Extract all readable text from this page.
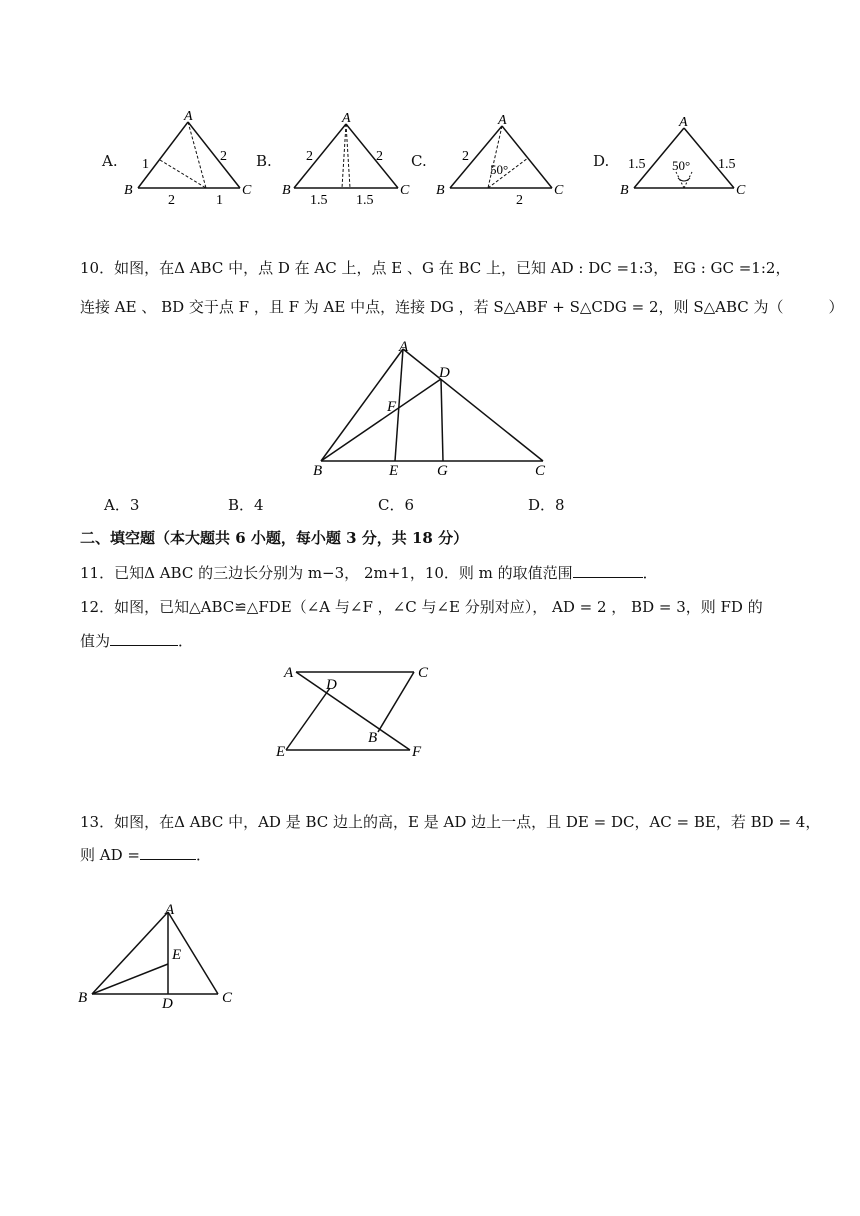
A.
A
B	C
1
2
2	1
B.
A
B	C
2	2
1.5 1.5
C.
A
B	C
2
50°
2
D.
A
B	C
1.5 50° 1.5
10．如图，在Δ ABC 中，点 D 在 AC 上，点 E 、G 在 BC 上，已知 AD : DC =1:3， EG : GC =1:2，
连接 AE 、 BD 交于点 F ，且 F 为 AE 中点，连接 DG ，若 S△ABF + S△CDG = 2，则 S△ABC 为（　　　）
A
D
F
B	E	G	C
A．3	B．4	C．6	D．8
二、填空题（本大题共 6 小题，每小题 3 分，共 18 分）
11．已知Δ ABC 的三边长分别为 m−3， 2m+1，10．则 m 的取值范围	．
12．如图，已知△ABC≌△FDE（∠A 与∠F ，∠C 与∠E 分别对应）， AD = 2 ， BD = 3，则 FD 的
值为	．
A	C
D
B
E	F
13．如图，在Δ ABC 中，AD 是 BC 边上的高，E 是 AD 边上一点，且 DE = DC，AC = BE，若 BD = 4，
则 AD =	．
A
E
B	D	C
